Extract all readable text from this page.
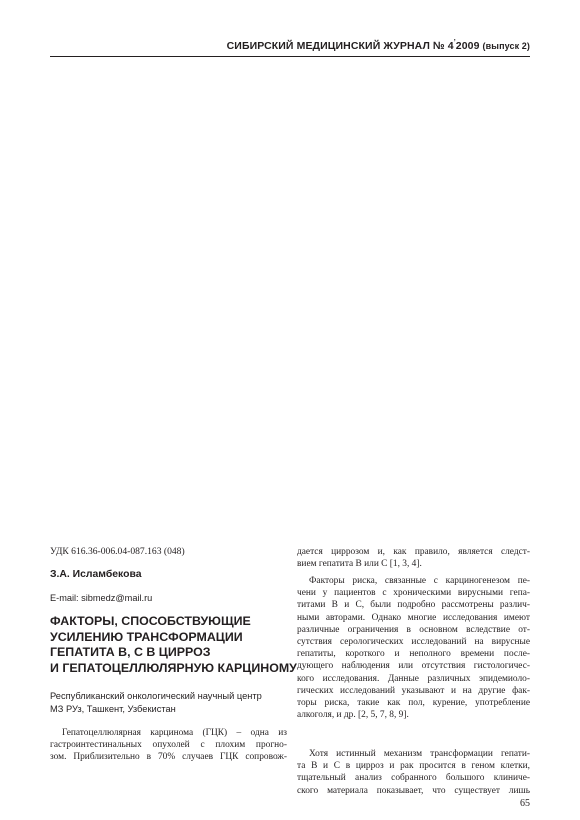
СИБИРСКИЙ МЕДИЦИНСКИЙ ЖУРНАЛ № 4’2009 (выпуск 2)
УДК 616.36-006.04-087.163 (048)
З.А. Исламбекова
E-mail: sibmedz@mail.ru
ФАКТОРЫ, СПОСОБСТВУЮЩИЕ
УСИЛЕНИЮ ТРАНСФОРМАЦИИ
ГЕПАТИТА В, С В ЦИРРОЗ
И ГЕПАТОЦЕЛЛЮЛЯРНУЮ КАРЦИНОМУ
Республиканский онкологический научный центр
МЗ РУз, Ташкент, Узбекистан

Гепатоцеллюлярная карцинома (ГЦК) – одна из
гастроинтестинальных опухолей с плохим прогно-
зом. Приблизительно в 70% случаев ГЦК сопровож-

дается циррозом и, как правило, является следст-
вием гепатита В или С [1, 3, 4].

Факторы риска, связанные с карциногенезом пе-
чени у пациентов с хроническими вирусными гепа-
титами В и С, были подробно рассмотрены различ-
ными авторами. Однако многие исследования имеют
различные ограничения в основном вследствие от-
сутствия серологических исследований на вирусные
гепатиты, короткого и неполного времени после-
дующего наблюдения или отсутствия гистологичес-
кого исследования. Данные различных эпидемиоло-
гических исследований указывают и на другие фак-
торы риска, такие как пол, курение, употребление
алкоголя, и др. [2, 5, 7, 8, 9].

Хотя истинный механизм трансформации гепати-
та В и С в цирроз и рак просится в геном клетки,
тщательный анализ собранного большого клиниче-
ского материала показывает, что существует лишь

65
